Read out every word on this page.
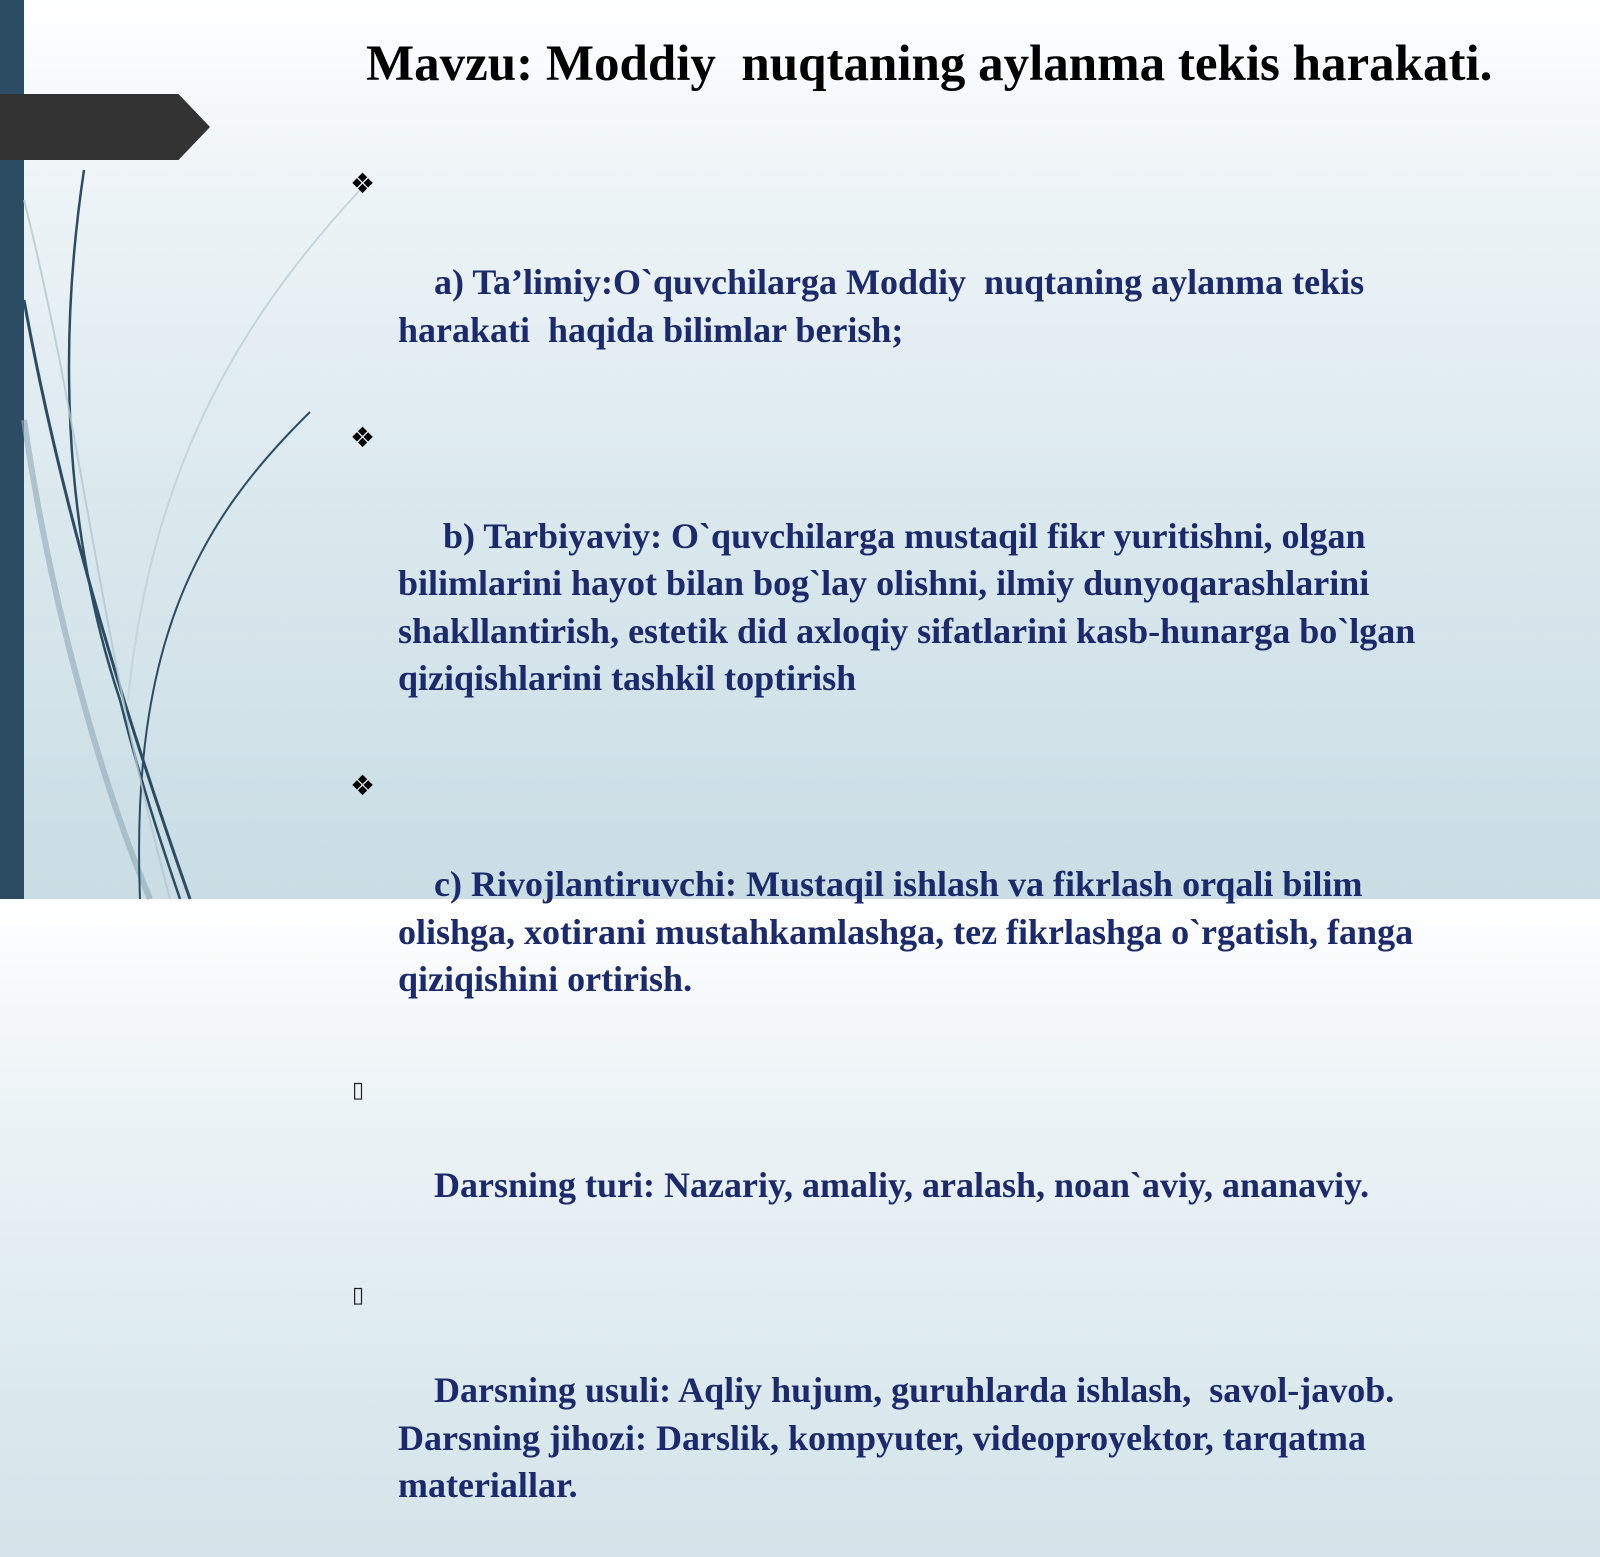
Mavzu: Moddiy  nuqtaning aylanma tekis harakati.

❖

a) Ta’limiy:O`quvchilarga Moddiy  nuqtaning aylanma tekis
harakati  haqida bilimlar berish;

❖

b) Tarbiyaviy: O`quvchilarga mustaqil fikr yuritishni, olgan
bilimlarini hayot bilan bog`lay olishni, ilmiy dunyoqarashlarini
shakllantirish, estetik did axloqiy sifatlarini kasb-hunarga bo`lgan
qiziqishlarini tashkil toptirish

❖

c) Rivojlantiruvchi: Mustaqil ishlash va fikrlash orqali bilim
olishga, xotirani mustahkamlashga, tez fikrlashga o`rgatish, fanga
qiziqishini ortirish.

▯

Darsning turi: Nazariy, amaliy, aralash, noan`aviy, ananaviy.

▯

Darsning usuli: Aqliy hujum, guruhlarda ishlash,  savol-javob.
Darsning jihozi: Darslik, kompyuter, videoproyektor, tarqatma
materiallar.
